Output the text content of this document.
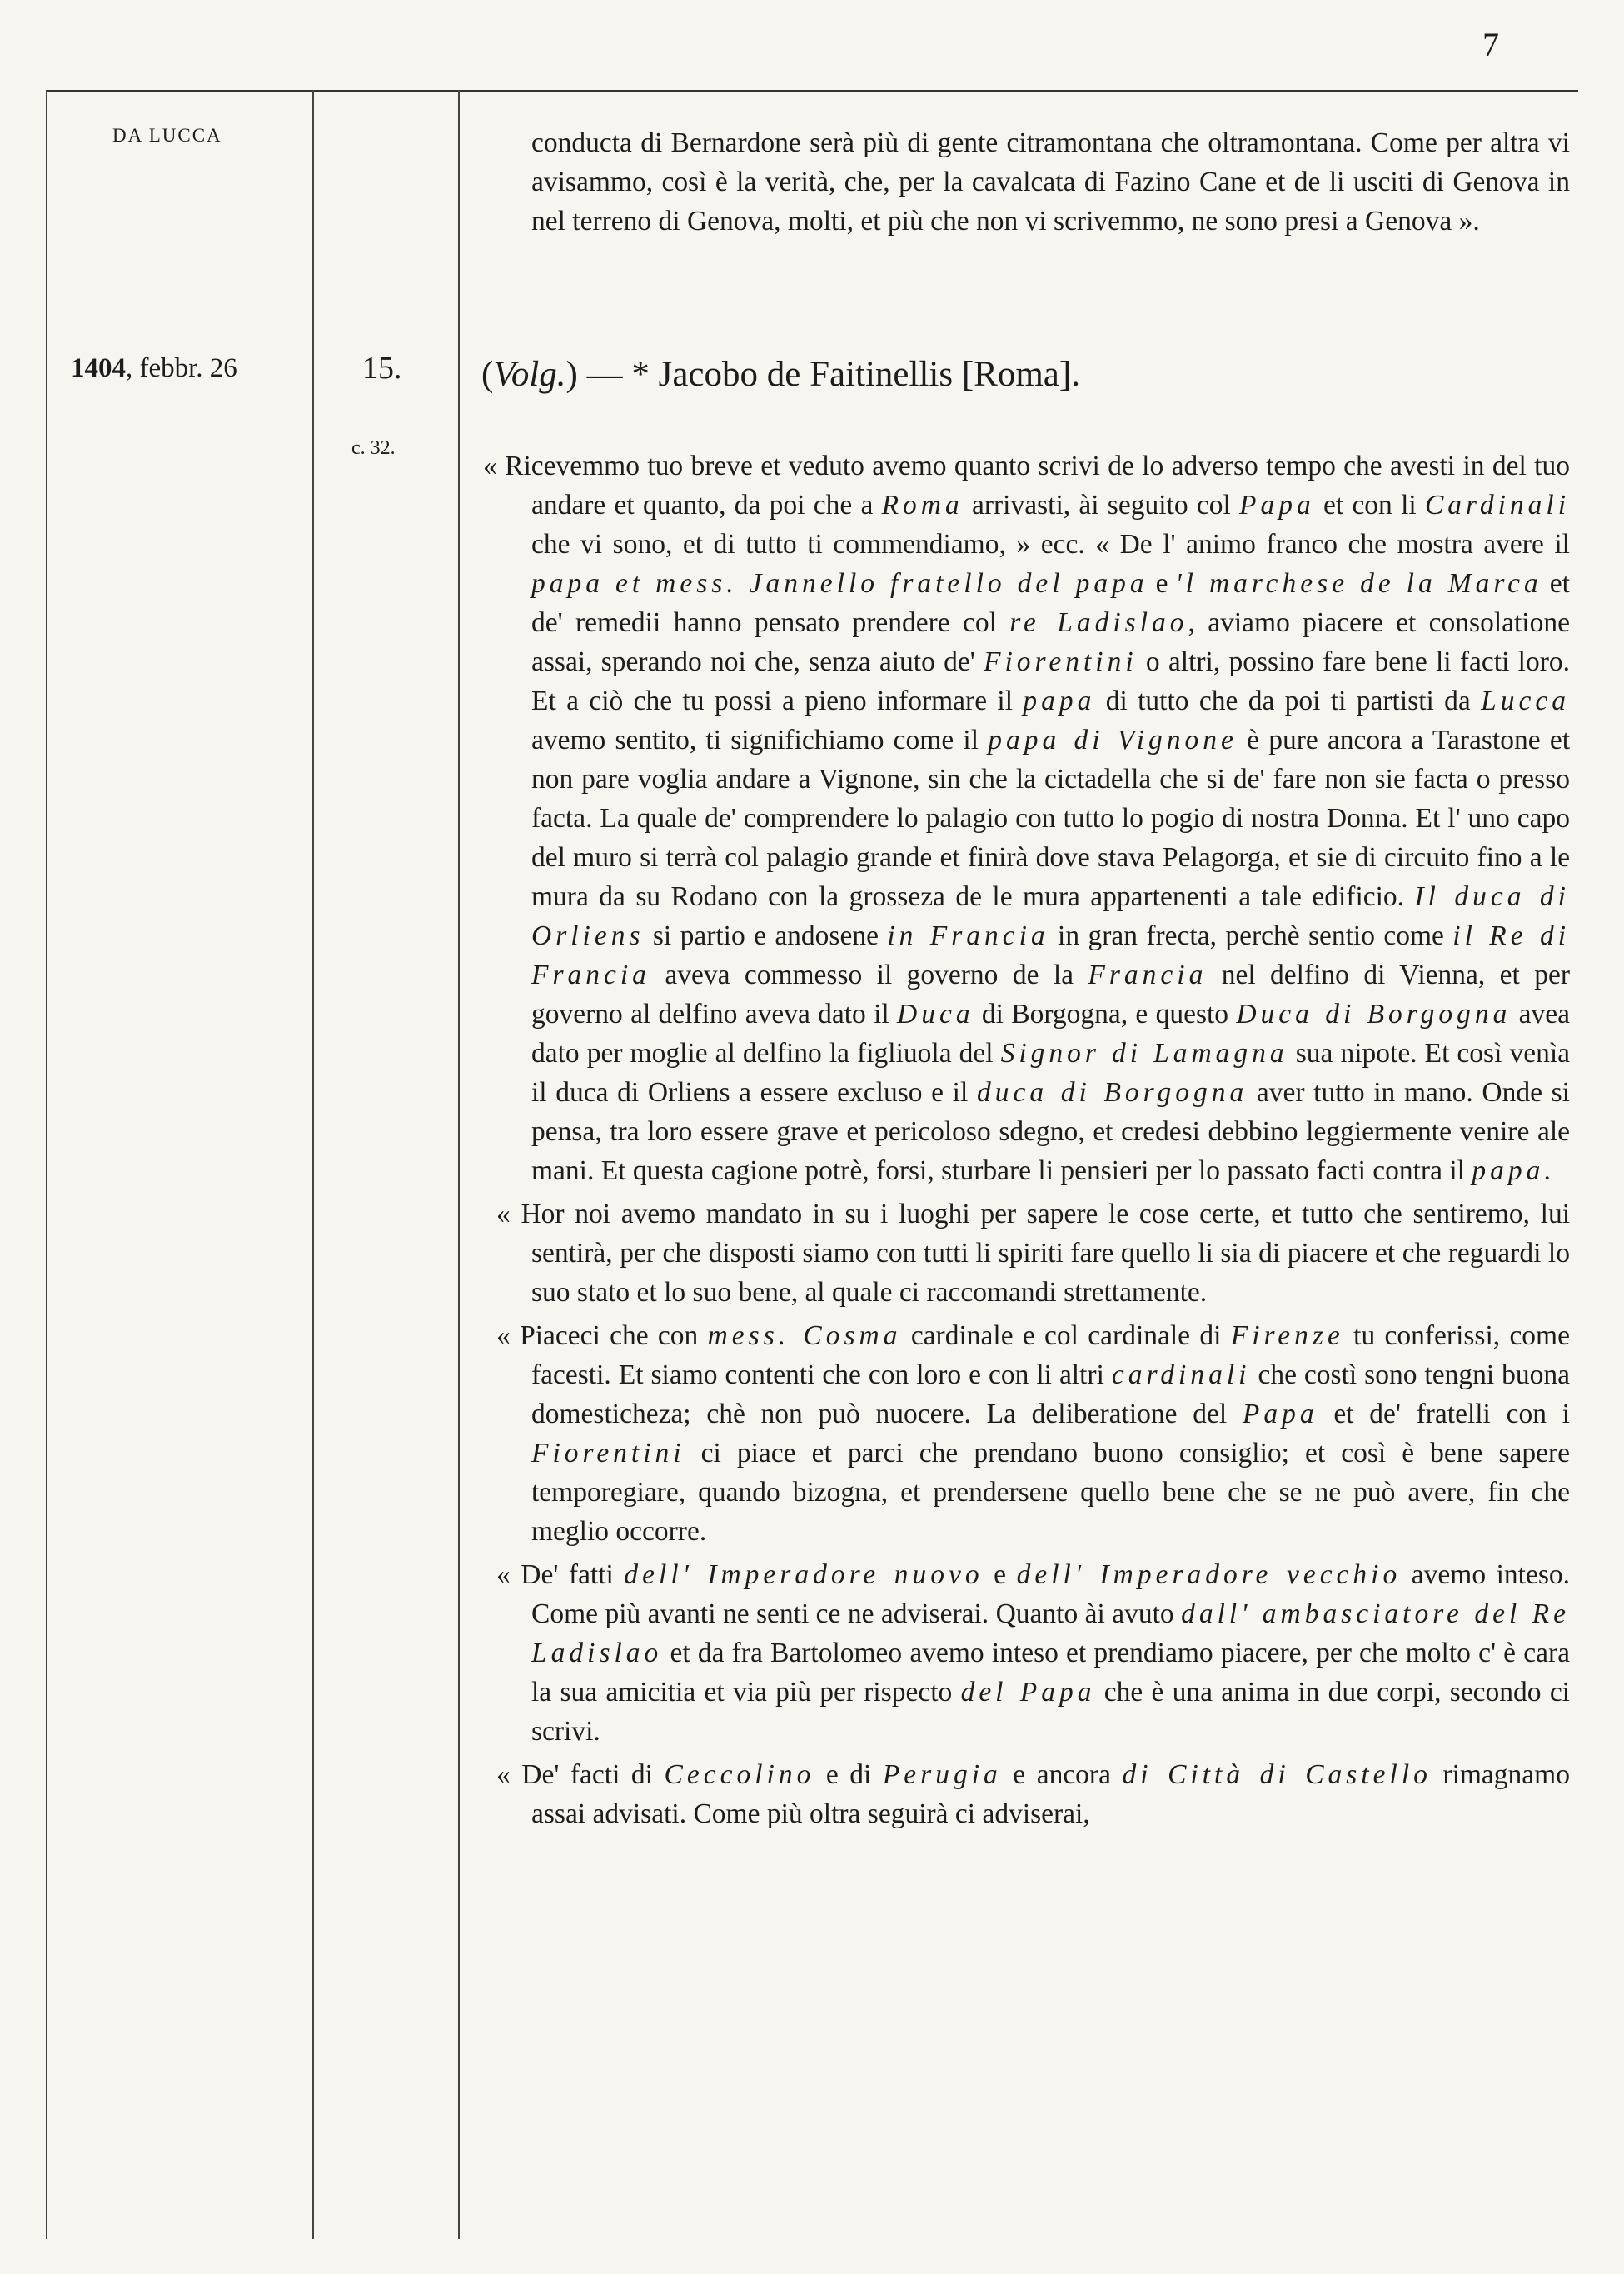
7
DA LUCCA	conducta di Bernardone serà più di gente citramontana che oltramontana. Come per altra vi avisammo, così è la verità, che, per la cavalcata di Fazino Cane et de li usciti di Genova in nel terreno di Genova, molti, et più che non vi scrivemmo, ne sono presi a Genova ».

1404, febbr. 26	15.
c. 32.
(Volg.) — * Jacobo de Faitinellis [Roma].

« Ricevemmo tuo breve et veduto avemo quanto scrivi de lo adverso tempo che avesti in del tuo andare et quanto, da poi che a Roma arrivasti, ài seguito col Papa et con li Cardinali che vi sono, et di tutto ti commendiamo, » ecc. « De l' animo franco che mostra avere il papa et mess. Jannello fratello del papa e 'l marchese de la Marca et de' remedii hanno pensato prendere col re Ladislao, aviamo piacere et consolatione assai, sperando noi che, senza aiuto de' Fiorentini o altri, possino fare bene li facti loro. Et a ciò che tu possi a pieno informare il papa di tutto che da poi ti partisti da Lucca avemo sentito, ti significhiamo come il papa di Vignone è pure ancora a Tarastone et non pare voglia andare a Vignone, sin che la cictadella che si de' fare non sie facta o presso facta. La quale de' comprendere lo palagio con tutto lo pogio di nostra Donna. Et l' uno capo del muro si terrà col palagio grande et finirà dove stava Pelagorga, et sie di circuito fino a le mura da su Rodano con la grosseza de le mura appartenenti a tale edificio. Il duca di Orliens si partio e andosene in Francia in gran frecta, perchè sentio come il Re di Francia aveva commesso il governo de la Francia nel delfino di Vienna, et per governo al delfino aveva dato il Duca di Borgogna, e questo Duca di Borgogna avea dato per moglie al delfino la figliuola del Signor di Lamagna sua nipote. Et così venìa il duca di Orliens a essere excluso e il duca di Borgogna aver tutto in mano. Onde si pensa, tra loro essere grave et pericoloso sdegno, et credesi debbino leggiermente venire ale mani. Et questa cagione potrè, forsi, sturbare li pensieri per lo passato facti contra il papa.

« Hor noi avemo mandato in su i luoghi per sapere le cose certe, et tutto che sentiremo, lui sentirà, per che disposti siamo con tutti li spiriti fare quello li sia di piacere et che reguardi lo suo stato et lo suo bene, al quale ci raccomandi strettamente.

« Piaceci che con mess. Cosma cardinale e col cardinale di Firenze tu conferissi, come facesti. Et siamo contenti che con loro e con li altri cardinali che costì sono tengni buona domestichezа; chè non può nuocere. La deliberatione del Papa et de' fratelli con i Fiorentini ci piace et parci che prendano buono consiglio; et così è bene sapere temporegiare, quando bizogna, et prendersene quello bene che se ne può avere, fin che meglio occorre.

« De' fatti dell' Imperadore nuovo e dell' Imperadore vecchio avemo inteso. Come più avanti ne senti ce ne adviserai. Quanto ài avuto dall' ambasciatore del Re Ladislao et da fra Bartolomeo avemo inteso et prendiamo piacere, per che molto c' è cara la sua amicitia et via più per rispecto del Papa che è una anima in due corpi, secondo ci scrivi.

« De' facti di Ceccolino e di Perugia e ancora di Città di Castello rimagnamo assai advisati. Come più oltra seguirà ci adviserai,
